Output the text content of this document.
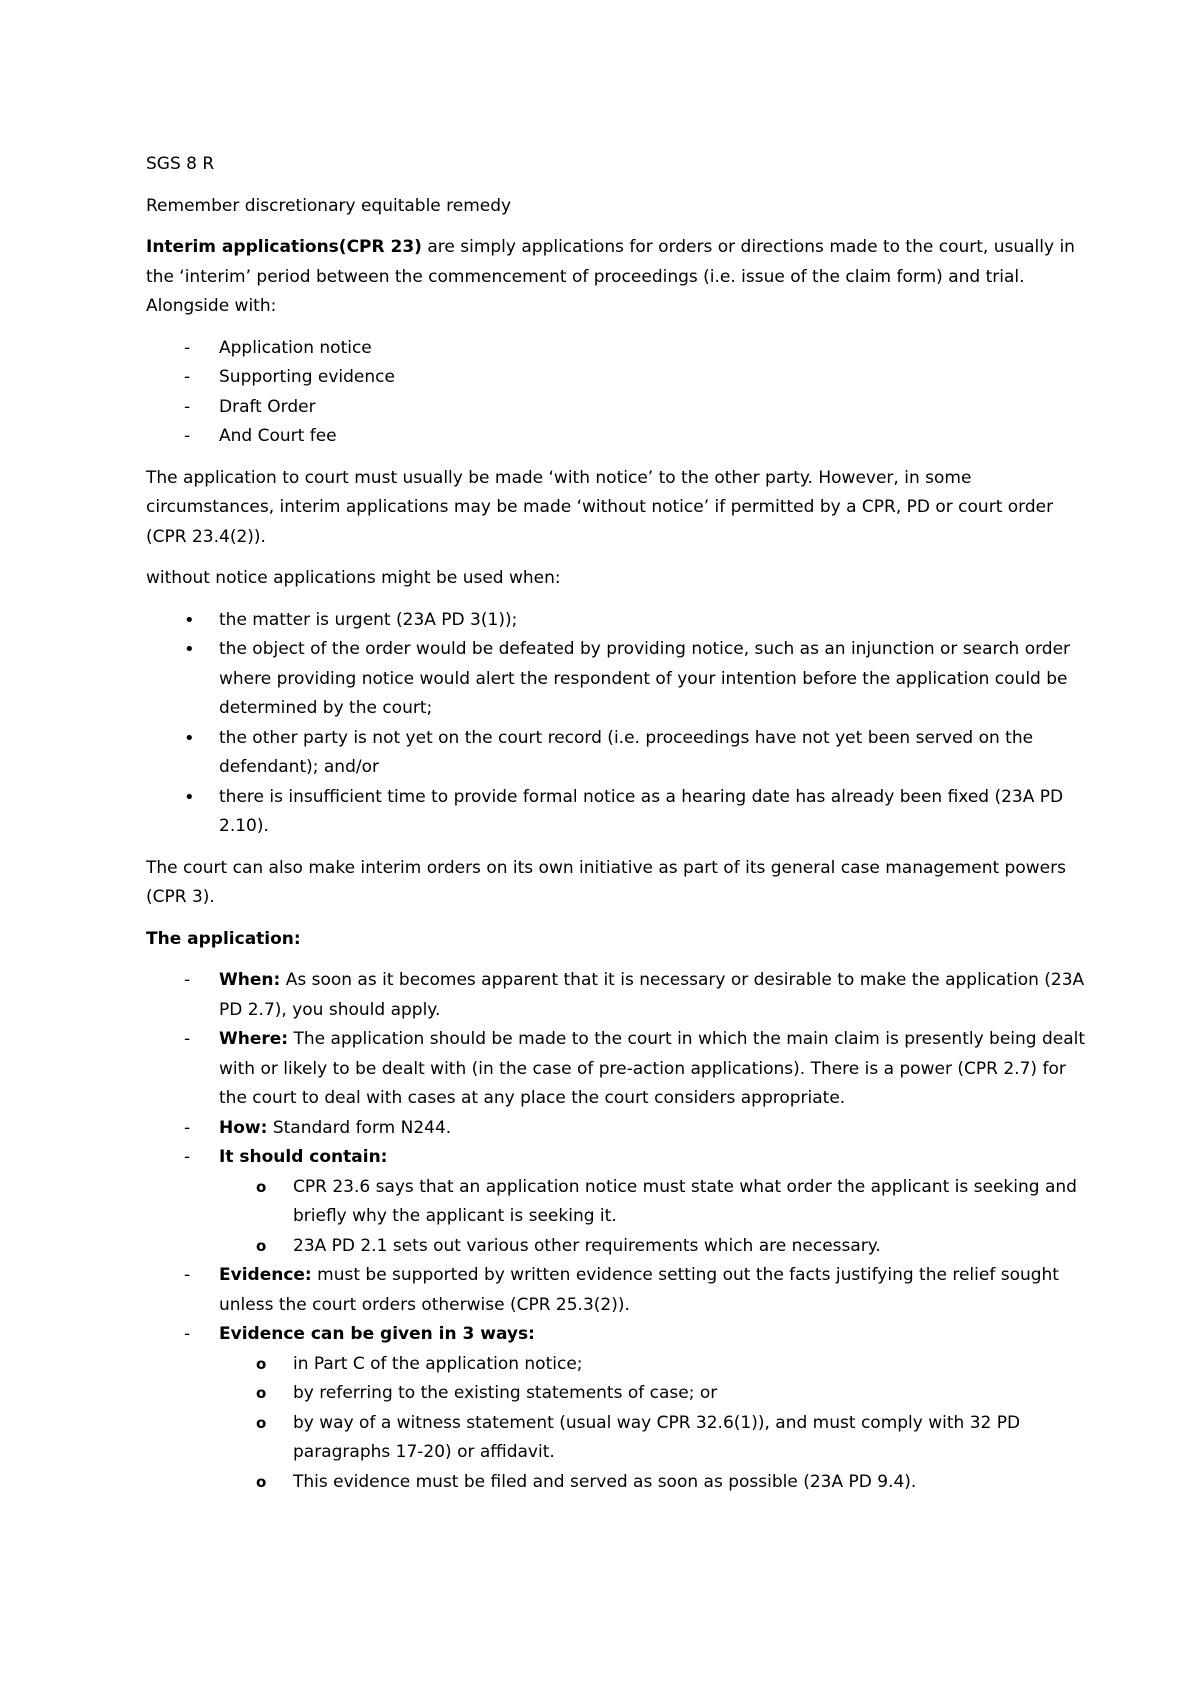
SGS 8 R

Remember discretionary equitable remedy

Interim applications(CPR 23) are simply applications for orders or directions made to the court, usually in the ‘interim’ period between the commencement of proceedings (i.e. issue of the claim form) and trial. Alongside with:

- Application notice
- Supporting evidence
- Draft Order
- And Court fee

The application to court must usually be made ‘with notice’ to the other party. However, in some circumstances, interim applications may be made ‘without notice’ if permitted by a CPR, PD or court order (CPR 23.4(2)).

without notice applications might be used when:

• the matter is urgent (23A PD 3(1));
• the object of the order would be defeated by providing notice, such as an injunction or search order where providing notice would alert the respondent of your intention before the application could be determined by the court;
• the other party is not yet on the court record (i.e. proceedings have not yet been served on the defendant); and/or
• there is insufficient time to provide formal notice as a hearing date has already been fixed (23A PD 2.10).

The court can also make interim orders on its own initiative as part of its general case management powers (CPR 3).

The application:

- When: As soon as it becomes apparent that it is necessary or desirable to make the application (23A PD 2.7), you should apply.
- Where: The application should be made to the court in which the main claim is presently being dealt with or likely to be dealt with (in the case of pre-action applications). There is a power (CPR 2.7) for the court to deal with cases at any place the court considers appropriate.
- How: Standard form N244.
- It should contain:
o CPR 23.6 says that an application notice must state what order the applicant is seeking and briefly why the applicant is seeking it.
o 23A PD 2.1 sets out various other requirements which are necessary.
- Evidence: must be supported by written evidence setting out the facts justifying the relief sought unless the court orders otherwise (CPR 25.3(2)).
- Evidence can be given in 3 ways:
o in Part C of the application notice;
o by referring to the existing statements of case; or
o by way of a witness statement (usual way CPR 32.6(1)), and must comply with 32 PD paragraphs 17-20) or affidavit.
o This evidence must be filed and served as soon as possible (23A PD 9.4).
